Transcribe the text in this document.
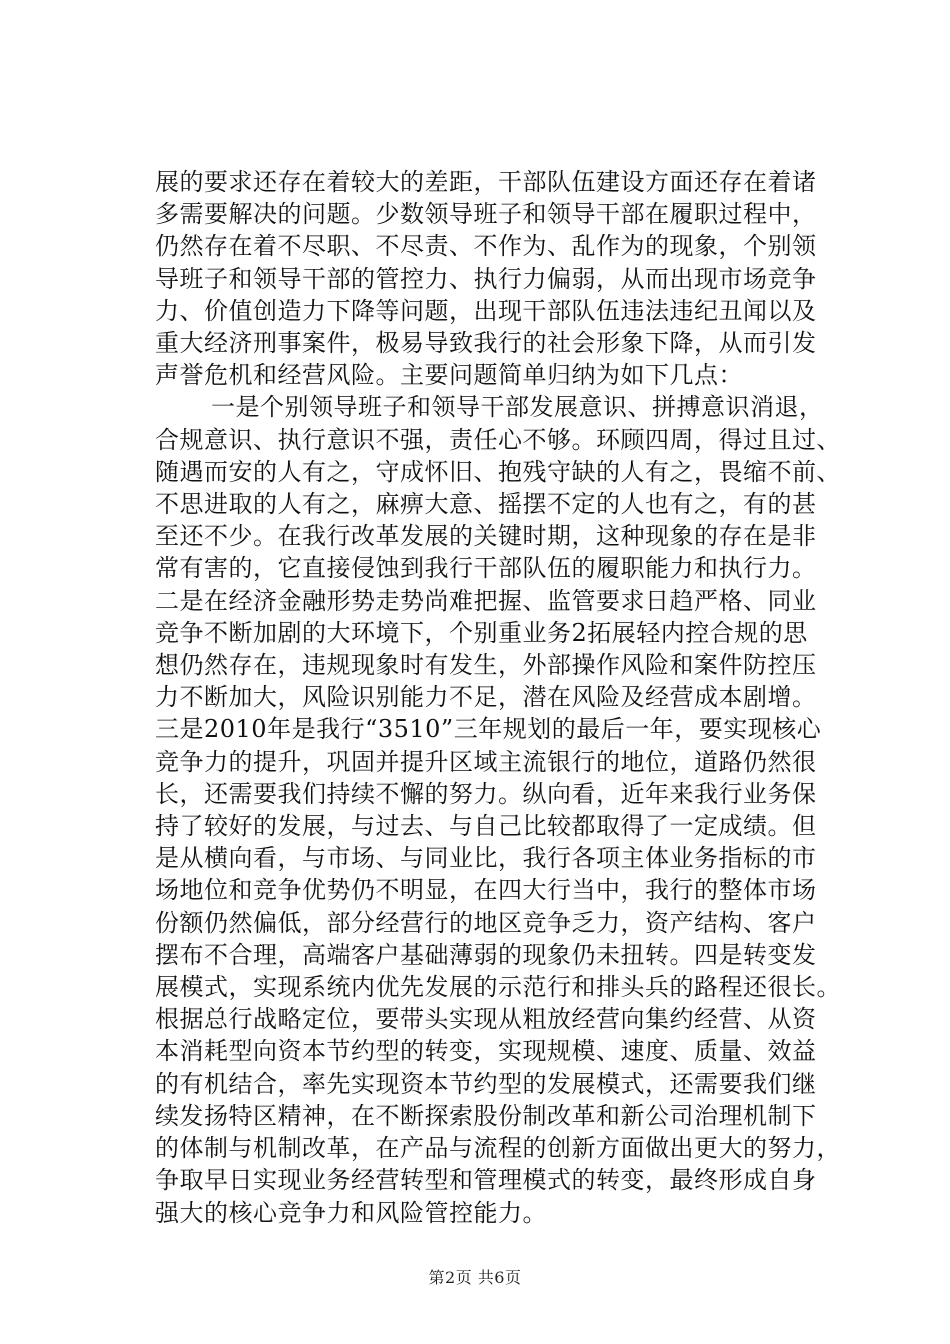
展的要求还存在着较大的差距，干部队伍建设方面还存在着诸
多需要解决的问题。少数领导班子和领导干部在履职过程中，
仍然存在着不尽职、不尽责、不作为、乱作为的现象，个别领
导班子和领导干部的管控力、执行力偏弱，从而出现市场竞争
力、价值创造力下降等问题，出现干部队伍违法违纪丑闻以及
重大经济刑事案件，极易导致我行的社会形象下降，从而引发
声誉危机和经营风险。主要问题简单归纳为如下几点：
一是个别领导班子和领导干部发展意识、拼搏意识消退，
合规意识、执行意识不强，责任心不够。环顾四周，得过且过、
随遇而安的人有之，守成怀旧、抱残守缺的人有之，畏缩不前、
不思进取的人有之，麻痹大意、摇摆不定的人也有之，有的甚
至还不少。在我行改革发展的关键时期，这种现象的存在是非
常有害的，它直接侵蚀到我行干部队伍的履职能力和执行力。
二是在经济金融形势走势尚难把握、监管要求日趋严格、同业
竞争不断加剧的大环境下，个别重业务2拓展轻内控合规的思
想仍然存在，违规现象时有发生，外部操作风险和案件防控压
力不断加大，风险识别能力不足，潜在风险及经营成本剧增。
三是2010年是我行“3510”三年规划的最后一年，要实现核心
竞争力的提升，巩固并提升区域主流银行的地位，道路仍然很
长，还需要我们持续不懈的努力。纵向看，近年来我行业务保
持了较好的发展，与过去、与自己比较都取得了一定成绩。但
是从横向看，与市场、与同业比，我行各项主体业务指标的市
场地位和竞争优势仍不明显，在四大行当中，我行的整体市场
份额仍然偏低，部分经营行的地区竞争乏力，资产结构、客户
摆布不合理，高端客户基础薄弱的现象仍未扭转。四是转变发
展模式，实现系统内优先发展的示范行和排头兵的路程还很长。
根据总行战略定位，要带头实现从粗放经营向集约经营、从资
本消耗型向资本节约型的转变，实现规模、速度、质量、效益
的有机结合，率先实现资本节约型的发展模式，还需要我们继
续发扬特区精神，在不断探索股份制改革和新公司治理机制下
的体制与机制改革，在产品与流程的创新方面做出更大的努力，
争取早日实现业务经营转型和管理模式的转变，最终形成自身
强大的核心竞争力和风险管控能力。
第2页 共6页
